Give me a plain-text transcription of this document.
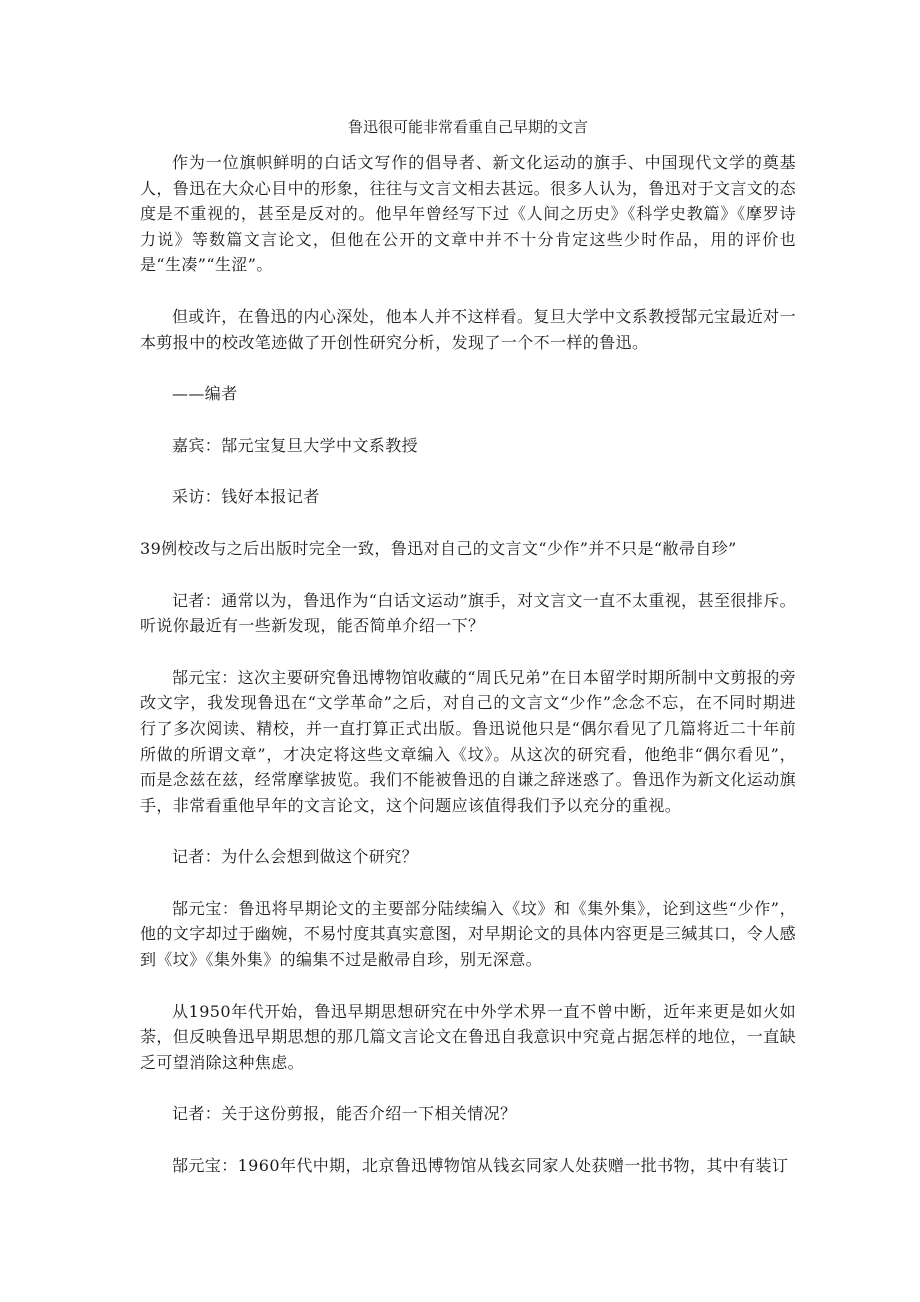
鲁迅很可能非常看重自己早期的文言

作为一位旗帜鲜明的白话文写作的倡导者、新文化运动的旗手、中国现代文学的奠基人，鲁迅在大众心目中的形象，往往与文言文相去甚远。很多人认为，鲁迅对于文言文的态度是不重视的，甚至是反对的。他早年曾经写下过《人间之历史》《科学史教篇》《摩罗诗力说》等数篇文言论文，但他在公开的文章中并不十分肯定这些少时作品，用的评价也是“生凑”“生涩”。

但或许，在鲁迅的内心深处，他本人并不这样看。复旦大学中文系教授郜元宝最近对一本剪报中的校改笔迹做了开创性研究分析，发现了一个不一样的鲁迅。

——编者

嘉宾：郜元宝复旦大学中文系教授

采访：钱好本报记者

39例校改与之后出版时完全一致，鲁迅对自己的文言文“少作”并不只是“敝帚自珍”

记者：通常以为，鲁迅作为“白话文运动”旗手，对文言文一直不太重视，甚至很排斥。听说你最近有一些新发现，能否简单介绍一下？

郜元宝：这次主要研究鲁迅博物馆收藏的“周氏兄弟”在日本留学时期所制中文剪报的旁改文字，我发现鲁迅在“文学革命”之后，对自己的文言文“少作”念念不忘，在不同时期进行了多次阅读、精校，并一直打算正式出版。鲁迅说他只是“偶尔看见了几篇将近二十年前所做的所谓文章”，才决定将这些文章编入《坟》。从这次的研究看，他绝非“偶尔看见”，而是念兹在兹，经常摩挲披览。我们不能被鲁迅的自谦之辞迷惑了。鲁迅作为新文化运动旗手，非常看重他早年的文言论文，这个问题应该值得我们予以充分的重视。

记者：为什么会想到做这个研究？

郜元宝：鲁迅将早期论文的主要部分陆续编入《坟》和《集外集》，论到这些“少作”，他的文字却过于幽婉，不易忖度其真实意图，对早期论文的具体内容更是三缄其口，令人感到《坟》《集外集》的编集不过是敝帚自珍，别无深意。

从1950年代开始，鲁迅早期思想研究在中外学术界一直不曾中断，近年来更是如火如荼，但反映鲁迅早期思想的那几篇文言论文在鲁迅自我意识中究竟占据怎样的地位，一直缺乏可望消除这种焦虑。

记者：关于这份剪报，能否介绍一下相关情况？

郜元宝：1960年代中期，北京鲁迅博物馆从钱玄同家人处获赠一批书物，其中有装订
